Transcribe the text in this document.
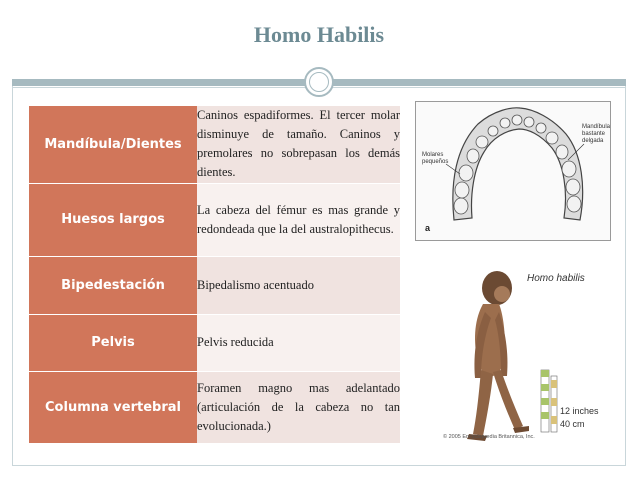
Homo Habilis
Mandíbula/Dientes	Caninos espadiformes. El tercer molar disminuye de tamaño. Caninos y premolares no sobrepasan los demás dientes.
Huesos largos	La cabeza del fémur es mas grande y redondeada que la del australopithecus.
Bipedestación	Bipedalismo acentuado
Pelvis	Pelvis reducida
Columna vertebral	Foramen magno mas adelantado (articulación de la cabeza no tan evolucionada.)
Molares
pequeños
Mandíbula
bastante
delgada
a
Homo habilis
12 inches
40 cm
© 2005 Encyclopædia Britannica, Inc.
